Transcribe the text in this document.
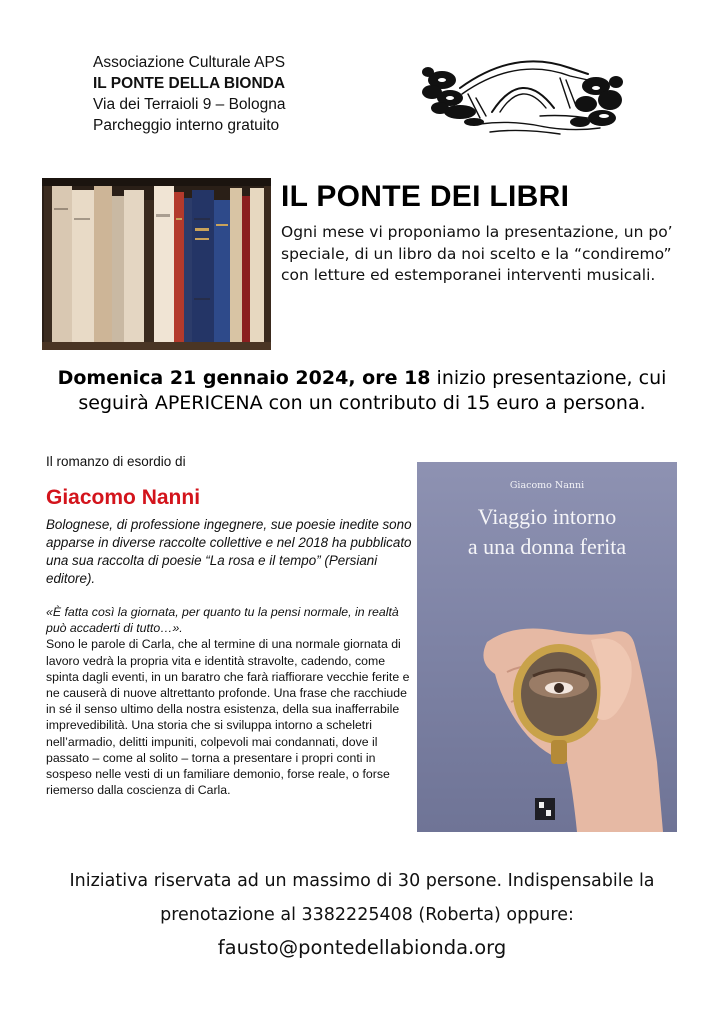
Associazione Culturale APS
IL PONTE DELLA BIONDA
Via dei Terraioli 9 – Bologna
Parcheggio interno gratuito
IL PONTE DEI LIBRI
Ogni mese vi proponiamo la presentazione, un po’ speciale, di un libro da noi scelto e la “condiremo” con letture ed estemporanei interventi musicali.
Domenica 21 gennaio 2024, ore 18 inizio presentazione, cui seguirà APERICENA con un contributo di 15 euro a persona.
Il romanzo di esordio di
Giacomo Nanni
Bolognese, di professione ingegnere, sue poesie inedite sono apparse in diverse raccolte collettive e nel 2018 ha pubblicato una sua raccolta di poesie “La rosa e il tempo” (Persiani editore).

«È fatta così la giornata, per quanto tu la pensi normale, in realtà può accaderti di tutto…».

Sono le parole di Carla, che al termine di una normale giornata di lavoro vedrà la propria vita e identità stravolte, cadendo, come spinta dagli eventi, in un baratro che farà riaffiorare vecchie ferite e ne causerà di nuove altrettanto profonde. Una frase che racchiude in sé il senso ultimo della nostra esistenza, della sua inafferrabile imprevedibilità. Una storia che si sviluppa intorno a scheletri nell’armadio, delitti impuniti, colpevoli mai condannati, dove il passato – come al solito – torna a presentare i propri conti in sospeso nelle vesti di un familiare demonio, forse reale, o forse riemerso dalla coscienza di Carla.

Giacomo Nanni
Viaggio intorno
a una donna ferita
Iniziativa riservata ad un massimo di 30 persone. Indispensabile la
prenotazione al 3382225408 (Roberta) oppure:
fausto@pontedellabionda.org
